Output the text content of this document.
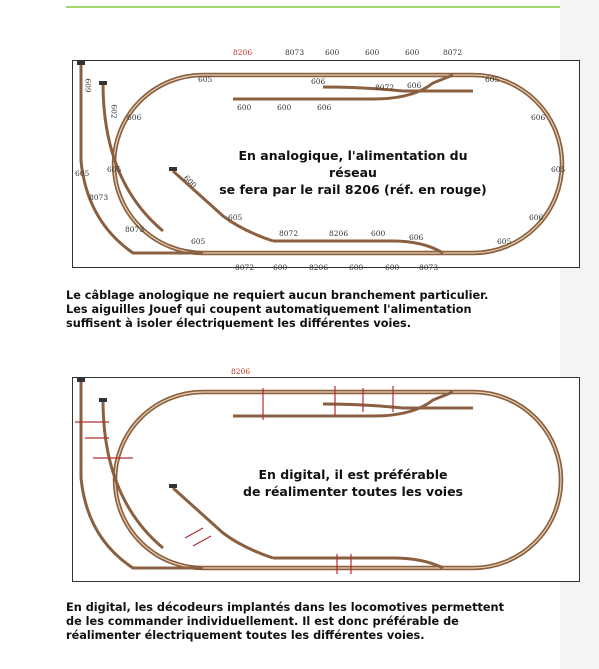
8206	8073	600	600	600	8072
606
8072 606
600	600	606
605	605
606	606
605 605	605
8073
8073
605
605
600
609
602
8072	8206	600	606
606
605
8072	600	8206	600	600	8073
En analogique, l'alimentation du réseau
se fera par le rail 8206 (réf. en rouge)
Le câblage anologique ne requiert aucun branchement particulier.
Les aiguilles Jouef qui coupent automatiquement l'alimentation
suffisent à isoler électriquement les différentes voies.
8206
En digital, il est préférable
de réalimenter toutes les voies
En digital, les décodeurs implantés dans les locomotives permettent
de les commander individuellement. Il est donc préférable de
réalimenter électriquement toutes les différentes voies.
